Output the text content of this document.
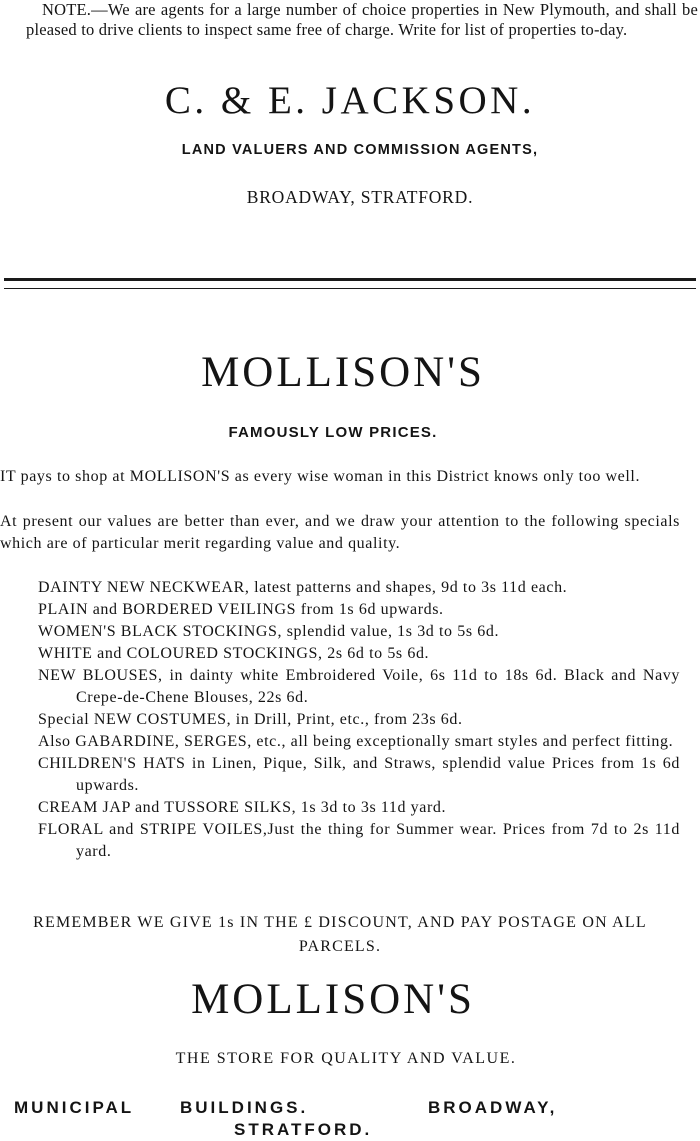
NOTE.—We are agents for a large number of choice properties in New Plymouth, and shall be pleased to drive clients to inspect same free of charge. Write for list of properties to-day.

C. & E. JACKSON.
LAND VALUERS AND COMMISSION AGENTS,
BROADWAY, STRATFORD.
MOLLISON'S
FAMOUSLY LOW PRICES.

IT pays to shop at MOLLISON'S as every wise woman in this District knows only too well.

At present our values are better than ever, and we draw your attention to the following specials which are of particular merit regarding value and quality.

DAINTY NEW NECKWEAR, latest patterns and shapes, 9d to 3s 11d each.
PLAIN and BORDERED VEILINGS from 1s 6d upwards.
WOMEN'S BLACK STOCKINGS, splendid value, 1s 3d to 5s 6d.
WHITE and COLOURED STOCKINGS, 2s 6d to 5s 6d.
NEW BLOUSES, in dainty white Embroidered Voile, 6s 11d to 18s 6d. Black and Navy Crepe-de-Chene Blouses, 22s 6d.
Special NEW COSTUMES, in Drill, Print, etc., from 23s 6d.
Also GABARDINE, SERGES, etc., all being exceptionally smart styles and perfect fitting.
CHILDREN'S HATS in Linen, Pique, Silk, and Straws, splendid value Prices from 1s 6d upwards.
CREAM JAP and TUSSORE SILKS, 1s 3d to 3s 11d yard.
FLORAL and STRIPE VOILES,Just the thing for Summer wear. Prices from 7d to 2s 11d yard.
REMEMBER WE GIVE 1s IN THE £ DISCOUNT, AND PAY POSTAGE ON ALL PARCELS.
MOLLISON'S
THE STORE FOR QUALITY AND VALUE.
MUNICIPAL	BUILDINGS.	BROADWAY,
STRATFORD.
